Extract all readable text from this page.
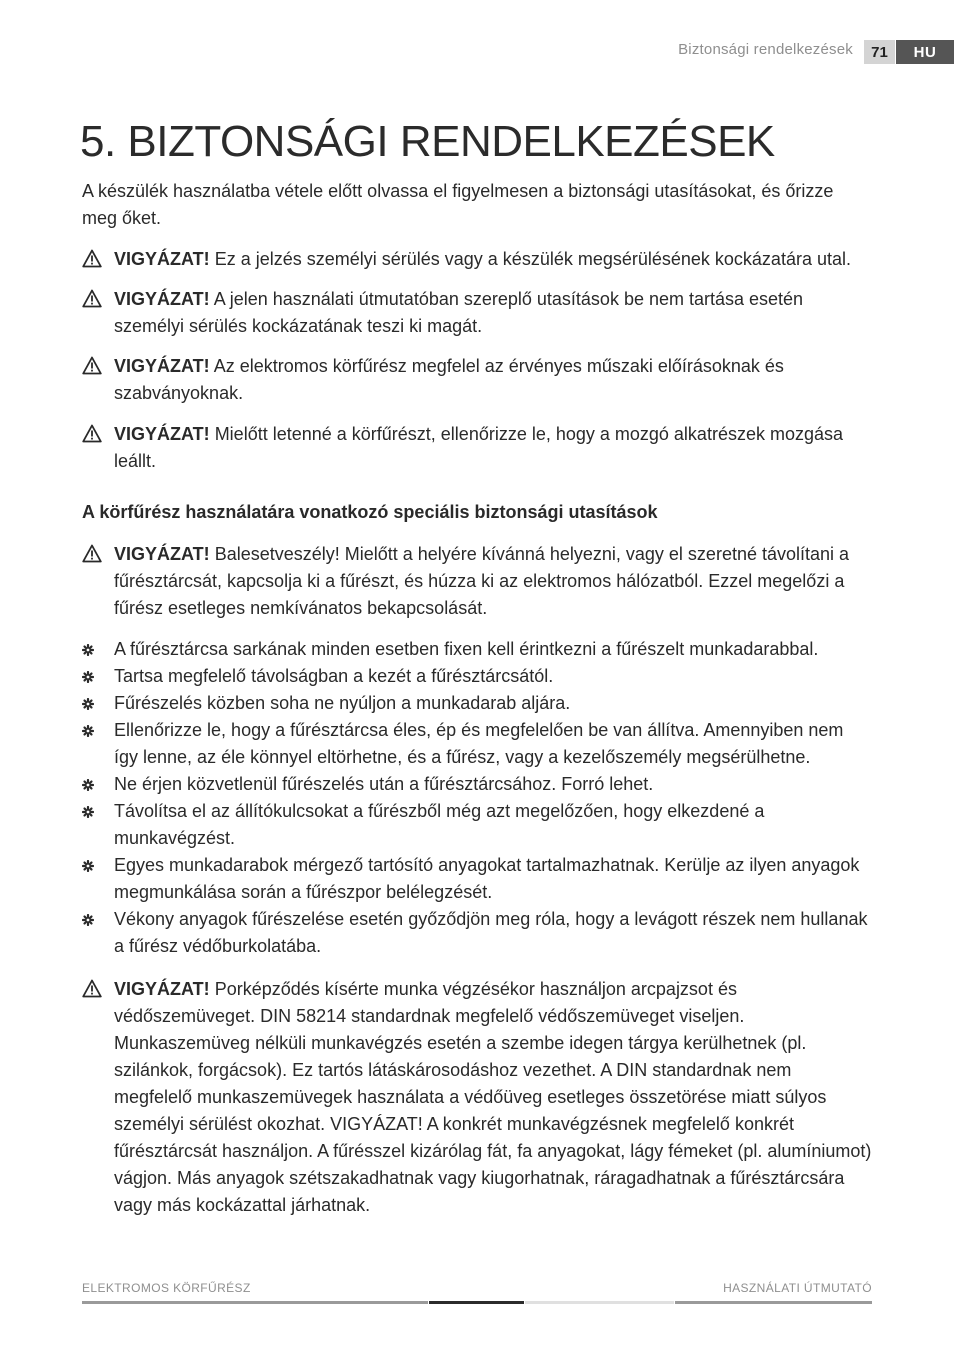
Biztonsági rendelkezések	71	HU
5. BIZTONSÁGI RENDELKEZÉSEK

A készülék használatba vétele előtt olvassa el figyelmesen a biztonsági utasításokat, és őrizze meg őket.

VIGYÁZAT! Ez a jelzés személyi sérülés vagy a készülék megsérülésének kockázatára utal.

VIGYÁZAT! A jelen használati útmutatóban szereplő utasítások be nem tartása esetén személyi sérülés kockázatának teszi ki magát.

VIGYÁZAT! Az elektromos körfűrész megfelel az érvényes műszaki előírásoknak és szabványoknak.

VIGYÁZAT! Mielőtt letenné a körfűrészt, ellenőrizze le, hogy a mozgó alkatrészek mozgása leállt.

A körfűrész használatára vonatkozó speciális biztonsági utasítások

VIGYÁZAT! Balesetveszély! Mielőtt a helyére kívánná helyezni, vagy el szeretné távolítani a fűrésztárcsát, kapcsolja ki a fűrészt, és húzza ki az elektromos hálózatból. Ezzel megelőzi a fűrész esetleges nemkívánatos bekapcsolását.

A fűrésztárcsa sarkának minden esetben fixen kell érintkezni a fűrészelt munkadarabbal.
Tartsa megfelelő távolságban a kezét a fűrésztárcsától.
Fűrészelés közben soha ne nyúljon a munkadarab aljára.
Ellenőrizze le, hogy a fűrésztárcsa éles, ép és megfelelően be van állítva. Amennyiben nem így lenne, az éle könnyel eltörhetne, és a fűrész, vagy a kezelőszemély megsérülhetne.
Ne érjen közvetlenül fűrészelés után a fűrésztárcsához. Forró lehet.
Távolítsa el az állítókulcsokat a fűrészből még azt megelőzően, hogy elkezdené a munkavégzést.
Egyes munkadarabok mérgező tartósító anyagokat tartalmazhatnak. Kerülje az ilyen anyagok megmunkálása során a fűrészpor belélegzését.
Vékony anyagok fűrészelése esetén győződjön meg róla, hogy a levágott részek nem hullanak a fűrész védőburkolatába.

VIGYÁZAT! Porképződés kísérte munka végzésékor használjon arcpajzsot és védőszemüveget. DIN 58214 standardnak megfelelő védőszemüveget viseljen. Munkaszemüveg nélküli munkavégzés esetén a szembe idegen tárgya kerülhetnek (pl. szilánkok, forgácsok). Ez tartós látáskárosodáshoz vezethet. A DIN standardnak nem megfelelő munkaszemüvegek használata a védőüveg esetleges összetörése miatt súlyos személyi sérülést okozhat. VIGYÁZAT! A konkrét munkavégzésnek megfelelő konkrét fűrésztárcsát használjon. A fűrésszel kizárólag fát, fa anyagokat, lágy fémeket (pl. alumíniumot) vágjon. Más anyagok szétszakadhatnak vagy kiugorhatnak, ráragadhatnak a fűrésztárcsára vagy más kockázattal járhatnak.

ELEKTROMOS KÖRFŰRÉSZ	HASZNÁLATI ÚTMUTATÓ
